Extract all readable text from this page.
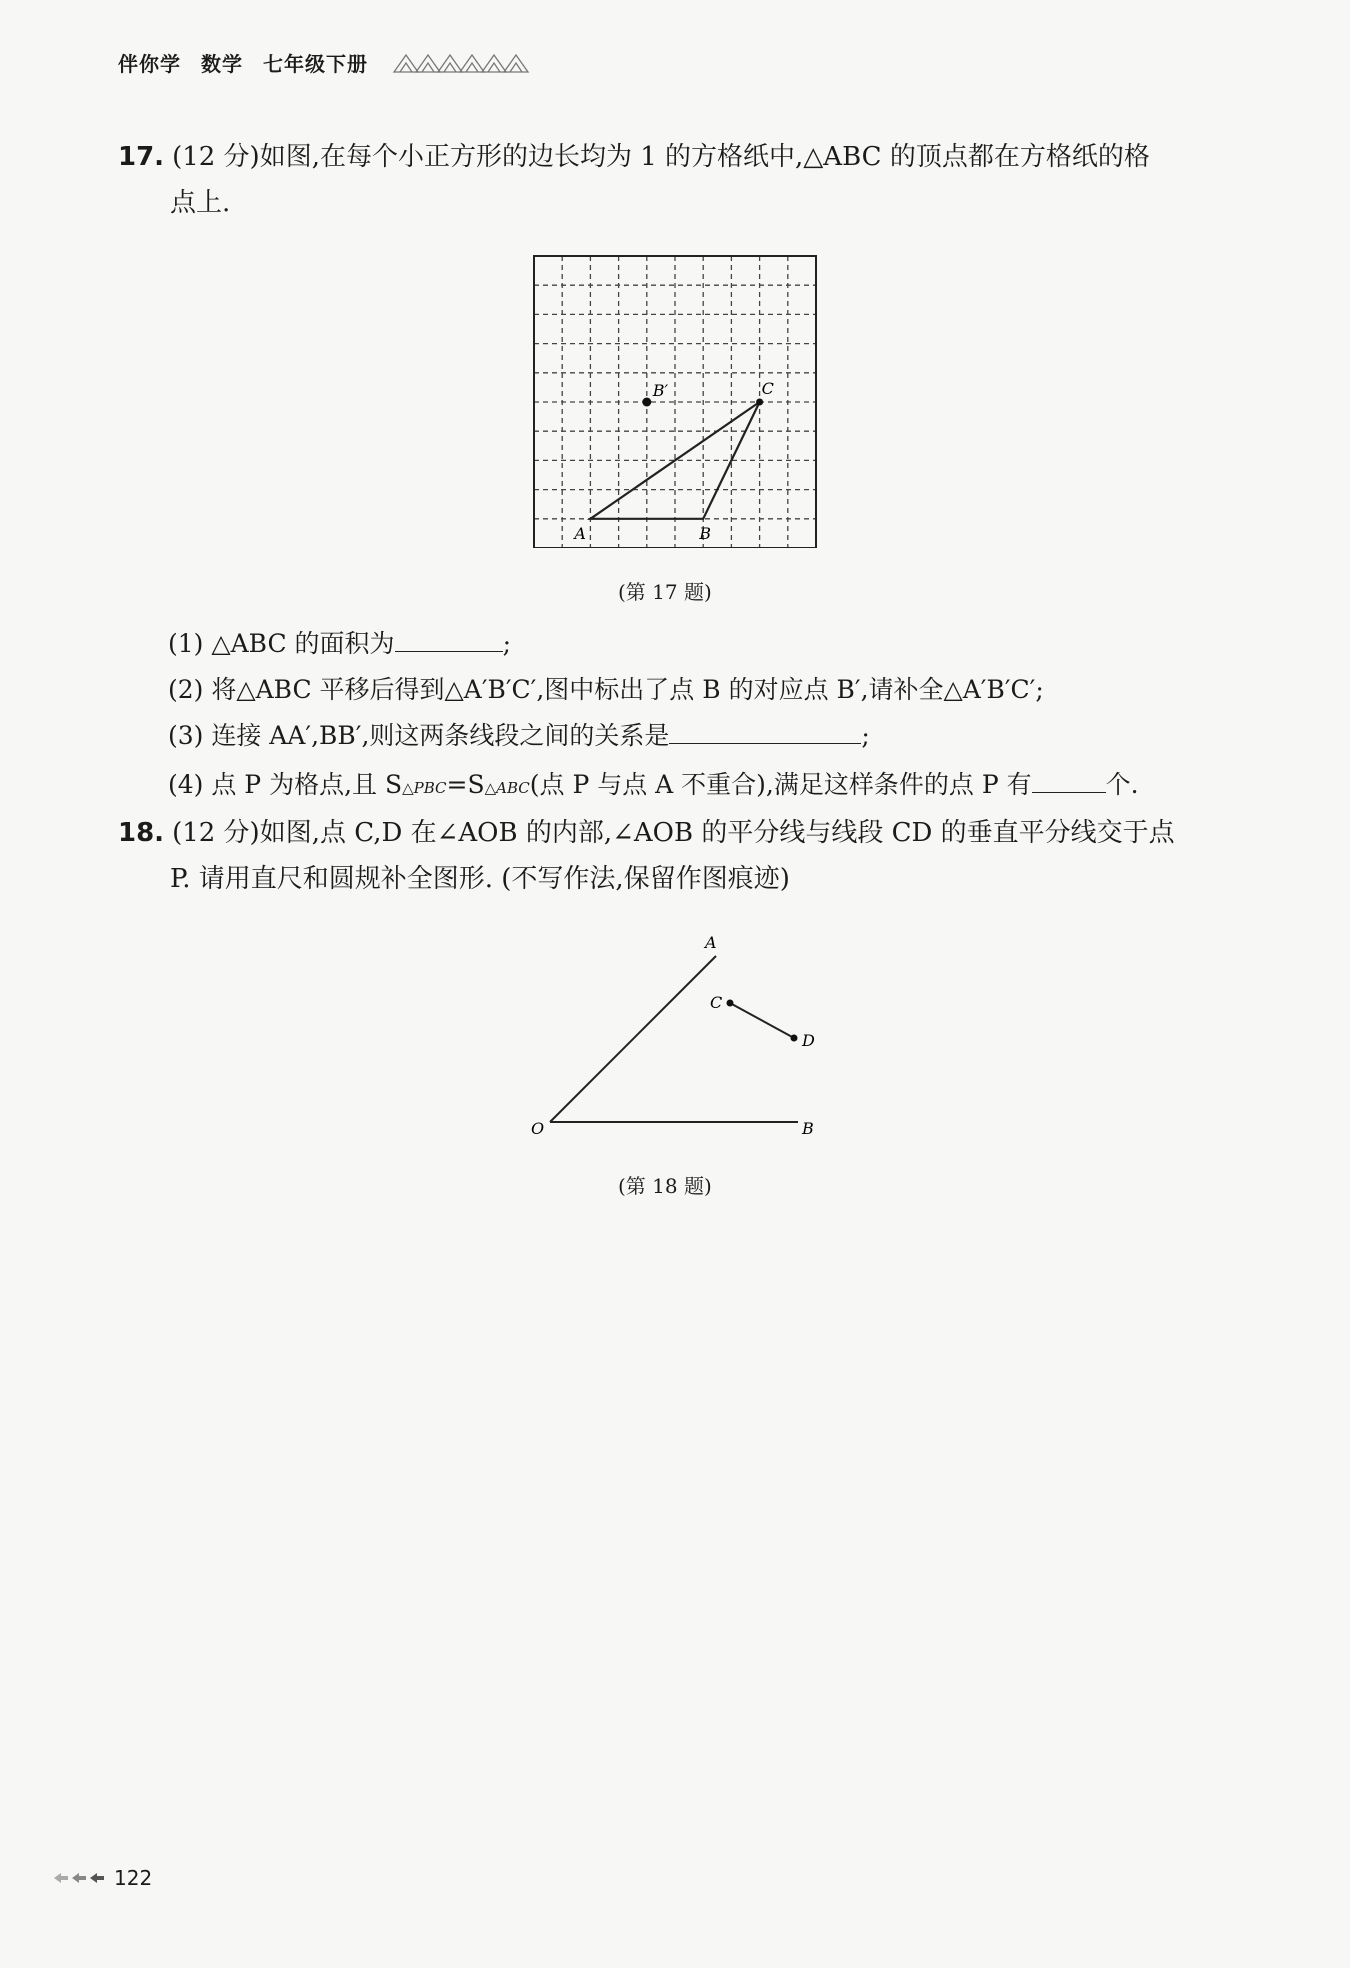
伴你学 数学 七年级下册
17. (12 分)如图,在每个小正方形的边长均为 1 的方格纸中,△ABC 的顶点都在方格纸的格
点上.
A	B
C
B′
(第 17 题)
(1) △ABC 的面积为	;
(2) 将△ABC 平移后得到△A′B′C′,图中标出了点 B 的对应点 B′,请补全△A′B′C′;
(3) 连接 AA′,BB′,则这两条线段之间的关系是	;
(4) 点 P 为格点,且 S△PBC=S△ABC(点 P 与点 A 不重合),满足这样条件的点 P 有	个.
18. (12 分)如图,点 C,D 在∠AOB 的内部,∠AOB 的平分线与线段 CD 的垂直平分线交于点
P. 请用直尺和圆规补全图形. (不写作法,保留作图痕迹)
O
A
B
C
D
(第 18 题)
122
